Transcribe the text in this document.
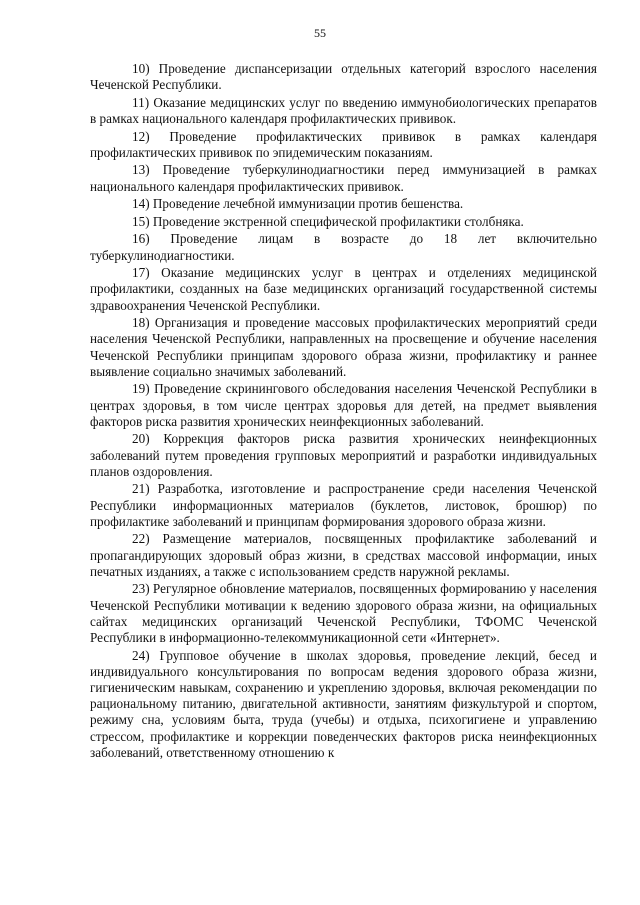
55

10) Проведение диспансеризации отдельных категорий взрослого населения Чеченской Республики.

11) Оказание медицинских услуг по введению иммунобиологических препаратов в рамках национального календаря профилактических прививок.

12) Проведение профилактических прививок в рамках календаря профилактических прививок по эпидемическим показаниям.

13) Проведение туберкулинодиагностики перед иммунизацией в рамках национального календаря профилактических прививок.

14) Проведение лечебной иммунизации против бешенства.

15) Проведение экстренной специфической профилактики столбняка.

16) Проведение лицам в возрасте до 18 лет включительно туберкулинодиагностики.

17) Оказание медицинских услуг в центрах и отделениях медицинской профилактики, созданных на базе медицинских организаций государственной системы здравоохранения Чеченской Республики.

18) Организация и проведение массовых профилактических мероприятий среди населения Чеченской Республики, направленных на просвещение и обучение населения Чеченской Республики принципам здорового образа жизни, профилактику и раннее выявление социально значимых заболеваний.

19) Проведение скринингового обследования населения Чеченской Республики в центрах здоровья, в том числе центрах здоровья для детей, на предмет выявления факторов риска развития хронических неинфекционных заболеваний.

20) Коррекция факторов риска развития хронических неинфекционных заболеваний путем проведения групповых мероприятий и разработки индивидуальных планов оздоровления.

21) Разработка, изготовление и распространение среди населения Чеченской Республики информационных материалов (буклетов, листовок, брошюр) по профилактике заболеваний и принципам формирования здорового образа жизни.

22) Размещение материалов, посвященных профилактике заболеваний и пропагандирующих здоровый образ жизни, в средствах массовой информации, иных печатных изданиях, а также с использованием средств наружной рекламы.

23) Регулярное обновление материалов, посвященных формированию у населения Чеченской Республики мотивации к ведению здорового образа жизни, на официальных сайтах медицинских организаций Чеченской Республики, ТФОМС Чеченской Республики в информационно-телекоммуникационной сети «Интернет».

24) Групповое обучение в школах здоровья, проведение лекций, бесед и индивидуального консультирования по вопросам ведения здорового образа жизни, гигиеническим навыкам, сохранению и укреплению здоровья, включая рекомендации по рациональному питанию, двигательной активности, занятиям физкультурой и спортом, режиму сна, условиям быта, труда (учебы) и отдыха, психогигиене и управлению стрессом, профилактике и коррекции поведенческих факторов риска неинфекционных заболеваний, ответственному отношению к
